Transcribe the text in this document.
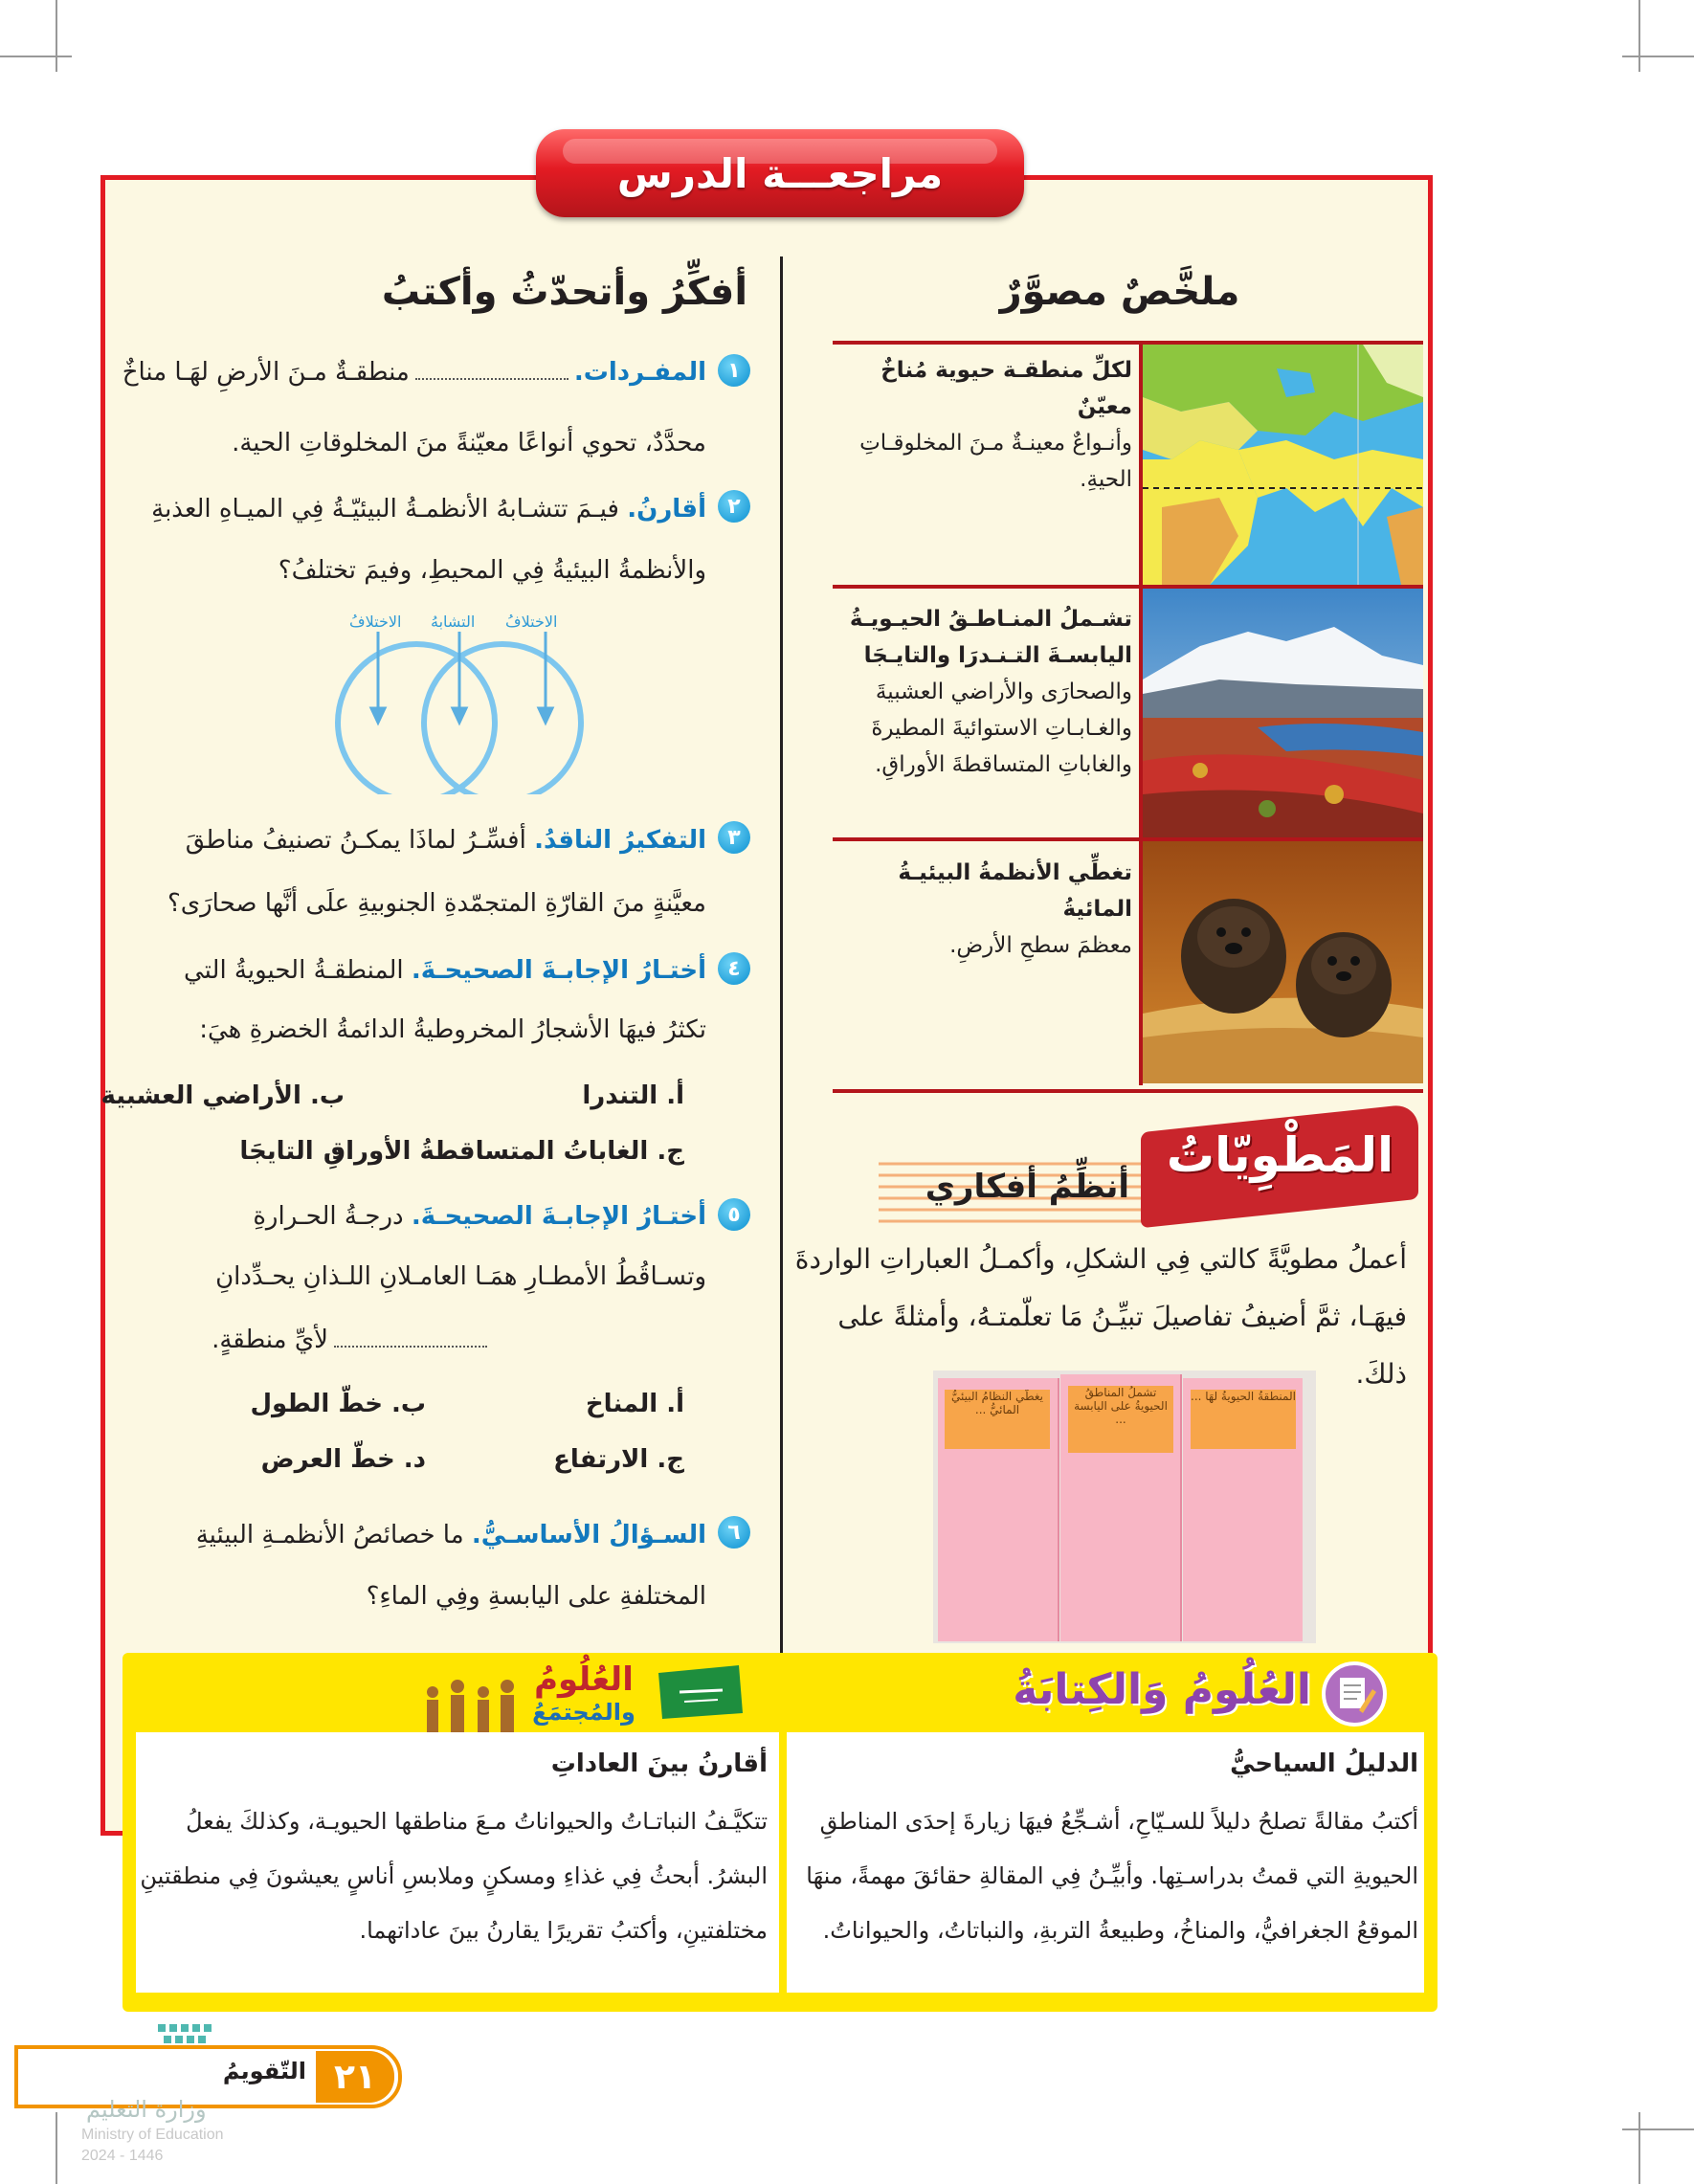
مراجعـــة الدرس
أفكِّرُ وأتحدّثُ وأكتبُ	ملخَّصٌ مصوَّرٌ
١
المفـردات.منطقـةٌ مـنَ الأرضِ لهَـا مناخٌ
محدَّدٌ، تحوي أنواعًا معيّنةً منَ المخلوقاتِ الحية.
٢
أقارنُ. فيـمَ تتشـابهُ الأنظمـةُ البيئيّـةُ فِي الميـاهِ العذبةِ
والأنظمةُ البيئيةُ فِي المحيطِ، وفيمَ تختلفُ؟
الاختلافُ التشابهُ الاختلافُ
٣
التفكيرُ الناقدُ. أفسِّـرُ لماذَا يمكـنُ تصنيفُ مناطقَ
معيَّنةٍ منَ القارّةِ المتجمّدةِ الجنوبيةِ علَى أنَّها صحارَى؟
٤
أختـارُ الإجابـةَ الصحيحـةَ. المنطقـةُ الحيويةُ التي
تكثرُ فيهَا الأشجارُ المخروطيةُ الدائمةُ الخضرةِ هيَ:
أ. التندرا
ب. الأراضي العشبية
ج. الغاباتُ المتساقطةُ الأوراقِ
د. التايجَا
٥
أختـارُ الإجابـةَ الصحيحـةَ. درجـةُ الحـرارةِ
وتسـاقُطُ الأمطـارِ همَـا العامـلانِ اللـذانِ يحـدِّدانِ
لأيِّ منطقةٍ.
أ. المناخ
ب. خطّ الطول
ج. الارتفاع
د. خطّ العرض
٦
السـؤالُ الأساسـيُّ. ما خصائصُ الأنظمـةِ البيئيةِ
المختلفةِ على اليابسةِ وفِي الماءِ؟
لكلِّ منطقـة حيوية مُناخٌ معيّنٌ
وأنـواعٌ معينـةٌ مـنَ المخلوقـاتِ
الحيةِ.
تشـملُ المنـاطـقُ الحيـويـةُ
اليابسـةَ التـنـدرَا والتايـجَا
والصحارَى والأراضي العشبيةَ
والغـابـاتِ الاستوائيةَ المطيرةَ
والغاباتِ المتساقطةَ الأوراقِ.
تغطِّي الأنظمةُ البيئيـةُ المائيةُ
معظمَ سطحِ الأرضِ.
المَطْوِيّاتُ
أنظِّمُ أفكاري
أعملُ مطويَّةً كالتي فِي الشكلِ، وأكمـلُ العباراتِ الواردةَ
فيهَـا، ثمَّ أضيفُ تفاصيلَ تبيِّـنُ مَا تعلّمتـهُ، وأمثلةً على
ذلكَ.
يغطّي النظامُ البيئيُّ المائيُّ ...
تشملُ المناطقُ الحيويةُ على اليابسة ...
المنطقةُ الحيويةُ لهَا ...
العُلُومُ وَالكِتابَةُ
العُلُومُ
والمُجتمَعُ
الدليلُ السياحيُّ
أكتبُ مقالةً تصلحُ دليلاً للسـيّاحِ، أشـجِّعُ فيهَا زيارةَ إحدَى المناطقِ
الحيويةِ التي قمتُ بدراسـتِها. وأبيِّـنُ فِي المقالةِ حقائقَ مهمةً، منهَا
الموقعُ الجغرافيُّ، والمناخُ، وطبيعةُ التربةِ، والنباتاتُ، والحيواناتُ.
أقارنُ بينَ العاداتِ
تتكيَّـفُ النباتـاتُ والحيواناتُ مـعَ مناطقها الحيويـة، وكذلكَ يفعلُ
البشرُ. أبحثُ فِي غذاءِ ومسكنٍ وملابسِ أناسٍ يعيشونَ فِي منطقتينِ
مختلفتينِ، وأكتبُ تقريرًا يقارنُ بينَ عاداتهما.
٢١
التّقويمُ
وزارة التعليم
Ministry of Education
2024 - 1446
